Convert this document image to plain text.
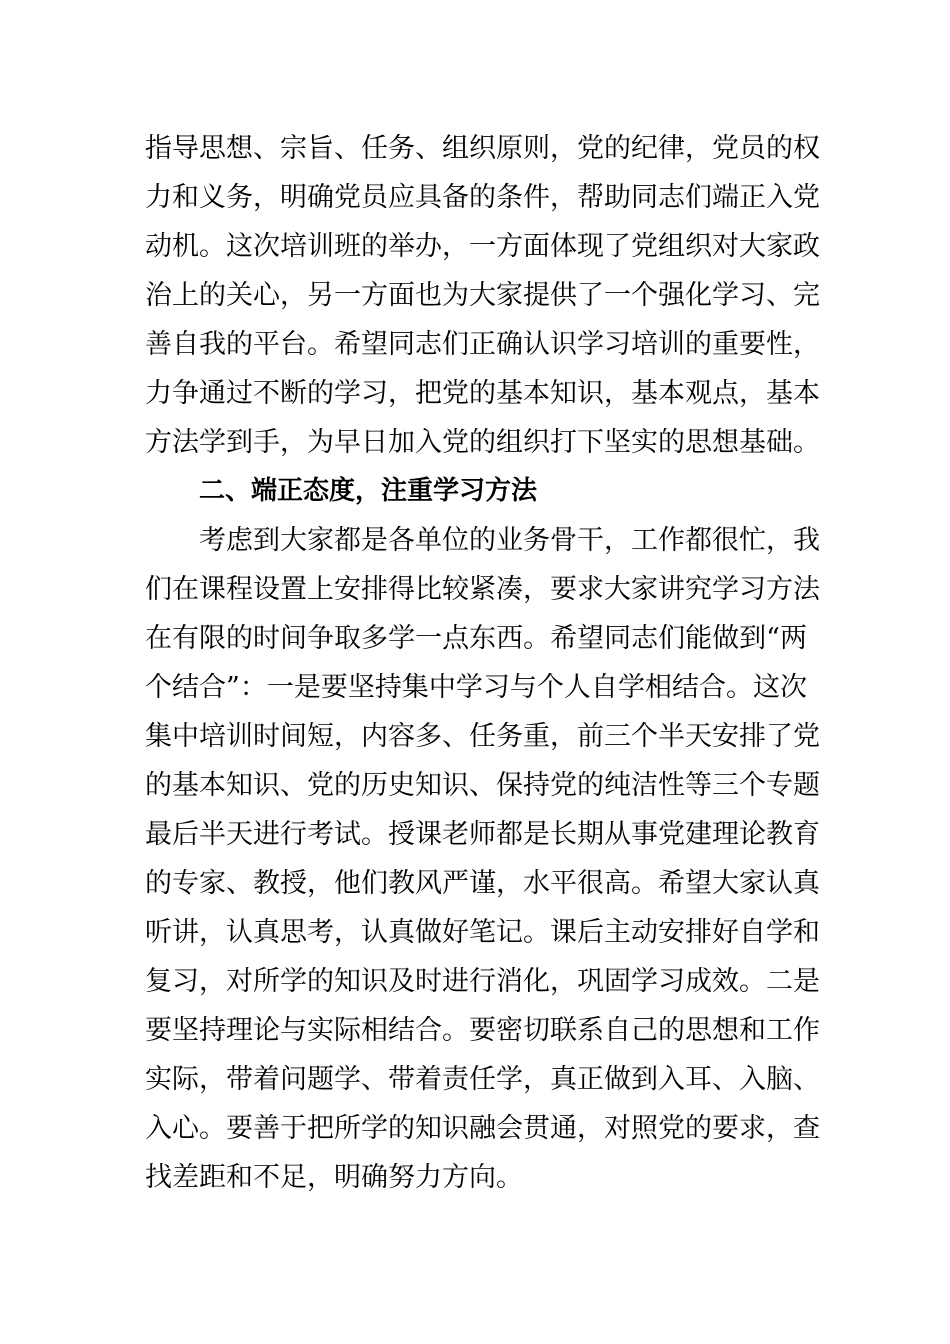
指导思想、宗旨、任务、组织原则，党的纪律，党员的权
力和义务，明确党员应具备的条件，帮助同志们端正入党
动机。这次培训班的举办，一方面体现了党组织对大家政
治上的关心，另一方面也为大家提供了一个强化学习、完
善自我的平台。希望同志们正确认识学习培训的重要性，
力争通过不断的学习，把党的基本知识，基本观点，基本
方法学到手，为早日加入党的组织打下坚实的思想基础。
二、端正态度，注重学习方法
考虑到大家都是各单位的业务骨干，工作都很忙，我
们在课程设置上安排得比较紧凑，要求大家讲究学习方法
在有限的时间争取多学一点东西。希望同志们能做到“两
个结合”：一是要坚持集中学习与个人自学相结合。这次
集中培训时间短，内容多、任务重，前三个半天安排了党
的基本知识、党的历史知识、保持党的纯洁性等三个专题
最后半天进行考试。授课老师都是长期从事党建理论教育
的专家、教授，他们教风严谨，水平很高。希望大家认真
听讲，认真思考，认真做好笔记。课后主动安排好自学和
复习，对所学的知识及时进行消化，巩固学习成效。二是
要坚持理论与实际相结合。要密切联系自己的思想和工作
实际，带着问题学、带着责任学，真正做到入耳、入脑、
入心。要善于把所学的知识融会贯通，对照党的要求，查
找差距和不足，明确努力方向。
